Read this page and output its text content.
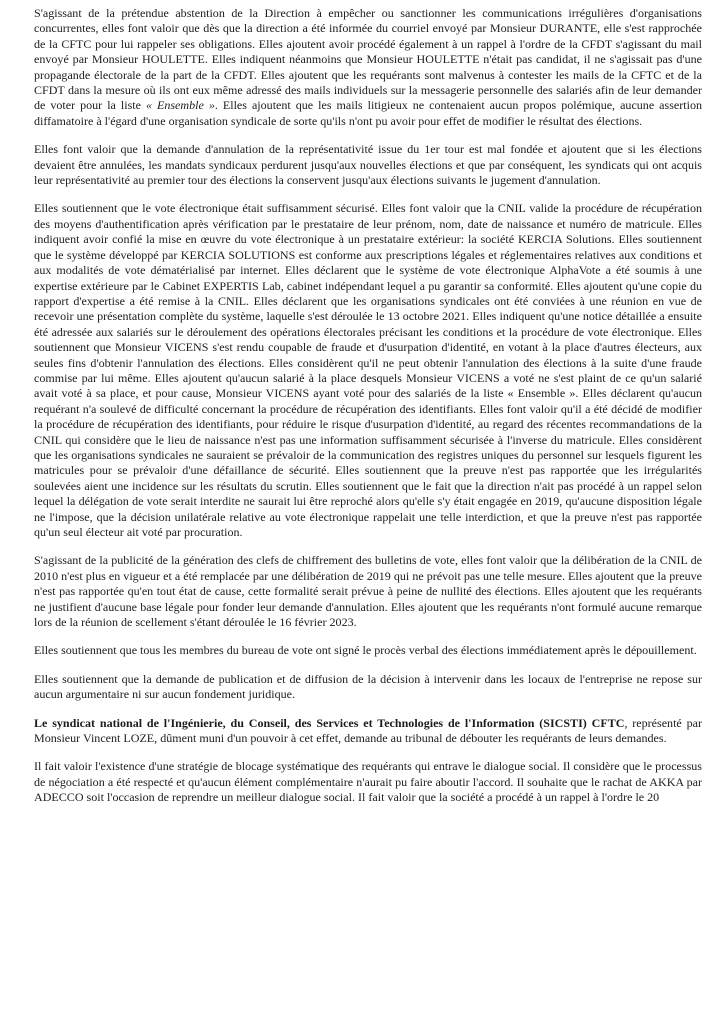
S'agissant de la prétendue abstention de la Direction à empêcher ou sanctionner les communications irrégulières d'organisations concurrentes, elles font valoir que dès que la direction a été informée du courriel envoyé par Monsieur DURANTE, elle s'est rapprochée de la CFTC pour lui rappeler ses obligations. Elles ajoutent avoir procédé également à un rappel à l'ordre de la CFDT s'agissant du mail envoyé par Monsieur HOULETTE. Elles indiquent néanmoins que Monsieur HOULETTE n'était pas candidat, il ne s'agissait pas d'une propagande électorale de la part de la CFDT. Elles ajoutent que les requérants sont malvenus à contester les mails de la CFTC et de la CFDT dans la mesure où ils ont eux même adressé des mails individuels sur la messagerie personnelle des salariés afin de leur demander de voter pour la liste « Ensemble ». Elles ajoutent que les mails litigieux ne contenaient aucun propos polémique, aucune assertion diffamatoire à l'égard d'une organisation syndicale de sorte qu'ils n'ont pu avoir pour effet de modifier le résultat des élections.

Elles font valoir que la demande d'annulation de la représentativité issue du 1er tour est mal fondée et ajoutent que si les élections devaient être annulées, les mandats syndicaux perdurent jusqu'aux nouvelles élections et que par conséquent, les syndicats qui ont acquis leur représentativité au premier tour des élections la conservent jusqu'aux élections suivants le jugement d'annulation.

Elles soutiennent que le vote électronique était suffisamment sécurisé. Elles font valoir que la CNIL valide la procédure de récupération des moyens d'authentification après vérification par le prestataire de leur prénom, nom, date de naissance et numéro de matricule. Elles indiquent avoir confié la mise en œuvre du vote électronique à un prestataire extérieur: la société KERCIA Solutions. Elles soutiennent que le système développé par KERCIA SOLUTIONS est conforme aux prescriptions légales et réglementaires relatives aux conditions et aux modalités de vote dématérialisé par internet. Elles déclarent que le système de vote électronique AlphaVote a été soumis à une expertise extérieure par le Cabinet EXPERTIS Lab, cabinet indépendant lequel a pu garantir sa conformité. Elles ajoutent qu'une copie du rapport d'expertise a été remise à la CNIL. Elles déclarent que les organisations syndicales ont été conviées à une réunion en vue de recevoir une présentation complète du système, laquelle s'est déroulée le 13 octobre 2021. Elles indiquent qu'une notice détaillée a ensuite été adressée aux salariés sur le déroulement des opérations électorales précisant les conditions et la procédure de vote électronique. Elles soutiennent que Monsieur VICENS s'est rendu coupable de fraude et d'usurpation d'identité, en votant à la place d'autres électeurs, aux seules fins d'obtenir l'annulation des élections. Elles considèrent qu'il ne peut obtenir l'annulation des élections à la suite d'une fraude commise par lui même. Elles ajoutent qu'aucun salarié à la place desquels Monsieur VICENS a voté ne s'est plaint de ce qu'un salarié avait voté à sa place, et pour cause, Monsieur VICENS ayant voté pour des salariés de la liste « Ensemble ». Elles déclarent qu'aucun requérant n'a soulevé de difficulté concernant la procédure de récupération des identifiants. Elles font valoir qu'il a été décidé de modifier la procédure de récupération des identifiants, pour réduire le risque d'usurpation d'identité, au regard des récentes recommandations de la CNIL qui considère que le lieu de naissance n'est pas une information suffisamment sécurisée à l'inverse du matricule. Elles considèrent que les organisations syndicales ne sauraient se prévaloir de la communication des registres uniques du personnel sur lesquels figurent les matricules pour se prévaloir d'une défaillance de sécurité. Elles soutiennent que la preuve n'est pas rapportée que les irrégularités soulevées aient une incidence sur les résultats du scrutin. Elles soutiennent que le fait que la direction n'ait pas procédé à un rappel selon lequel la délégation de vote serait interdite ne saurait lui être reproché alors qu'elle s'y était engagée en 2019, qu'aucune disposition légale ne l'impose, que la décision unilatérale relative au vote électronique rappelait une telle interdiction, et que la preuve n'est pas rapportée qu'un seul électeur ait voté par procuration.

S'agissant de la publicité de la génération des clefs de chiffrement des bulletins de vote, elles font valoir que la délibération de la CNIL de 2010 n'est plus en vigueur et a été remplacée par une délibération de 2019 qui ne prévoit pas une telle mesure. Elles ajoutent que la preuve n'est pas rapportée qu'en tout état de cause, cette formalité serait prévue à peine de nullité des élections. Elles ajoutent que les requérants ne justifient d'aucune base légale pour fonder leur demande d'annulation. Elles ajoutent que les requérants n'ont formulé aucune remarque lors de la réunion de scellement s'étant déroulée le 16 février 2023.

Elles soutiennent que tous les membres du bureau de vote ont signé le procès verbal des élections immédiatement après le dépouillement.

Elles soutiennent que la demande de publication et de diffusion de la décision à intervenir dans les locaux de l'entreprise ne repose sur aucun argumentaire ni sur aucun fondement juridique.

Le syndicat national de l'Ingénierie, du Conseil, des Services et Technologies de l'Information (SICSTI) CFTC, représenté par Monsieur Vincent LOZE, dûment muni d'un pouvoir à cet effet, demande au tribunal de débouter les requérants de leurs demandes.

Il fait valoir l'existence d'une stratégie de blocage systématique des requérants qui entrave le dialogue social. Il considère que le processus de négociation a été respecté et qu'aucun élément complémentaire n'aurait pu faire aboutir l'accord. Il souhaite que le rachat de AKKA par ADECCO soit l'occasion de reprendre un meilleur dialogue social. Il fait valoir que la société a procédé à un rappel à l'ordre le 20
